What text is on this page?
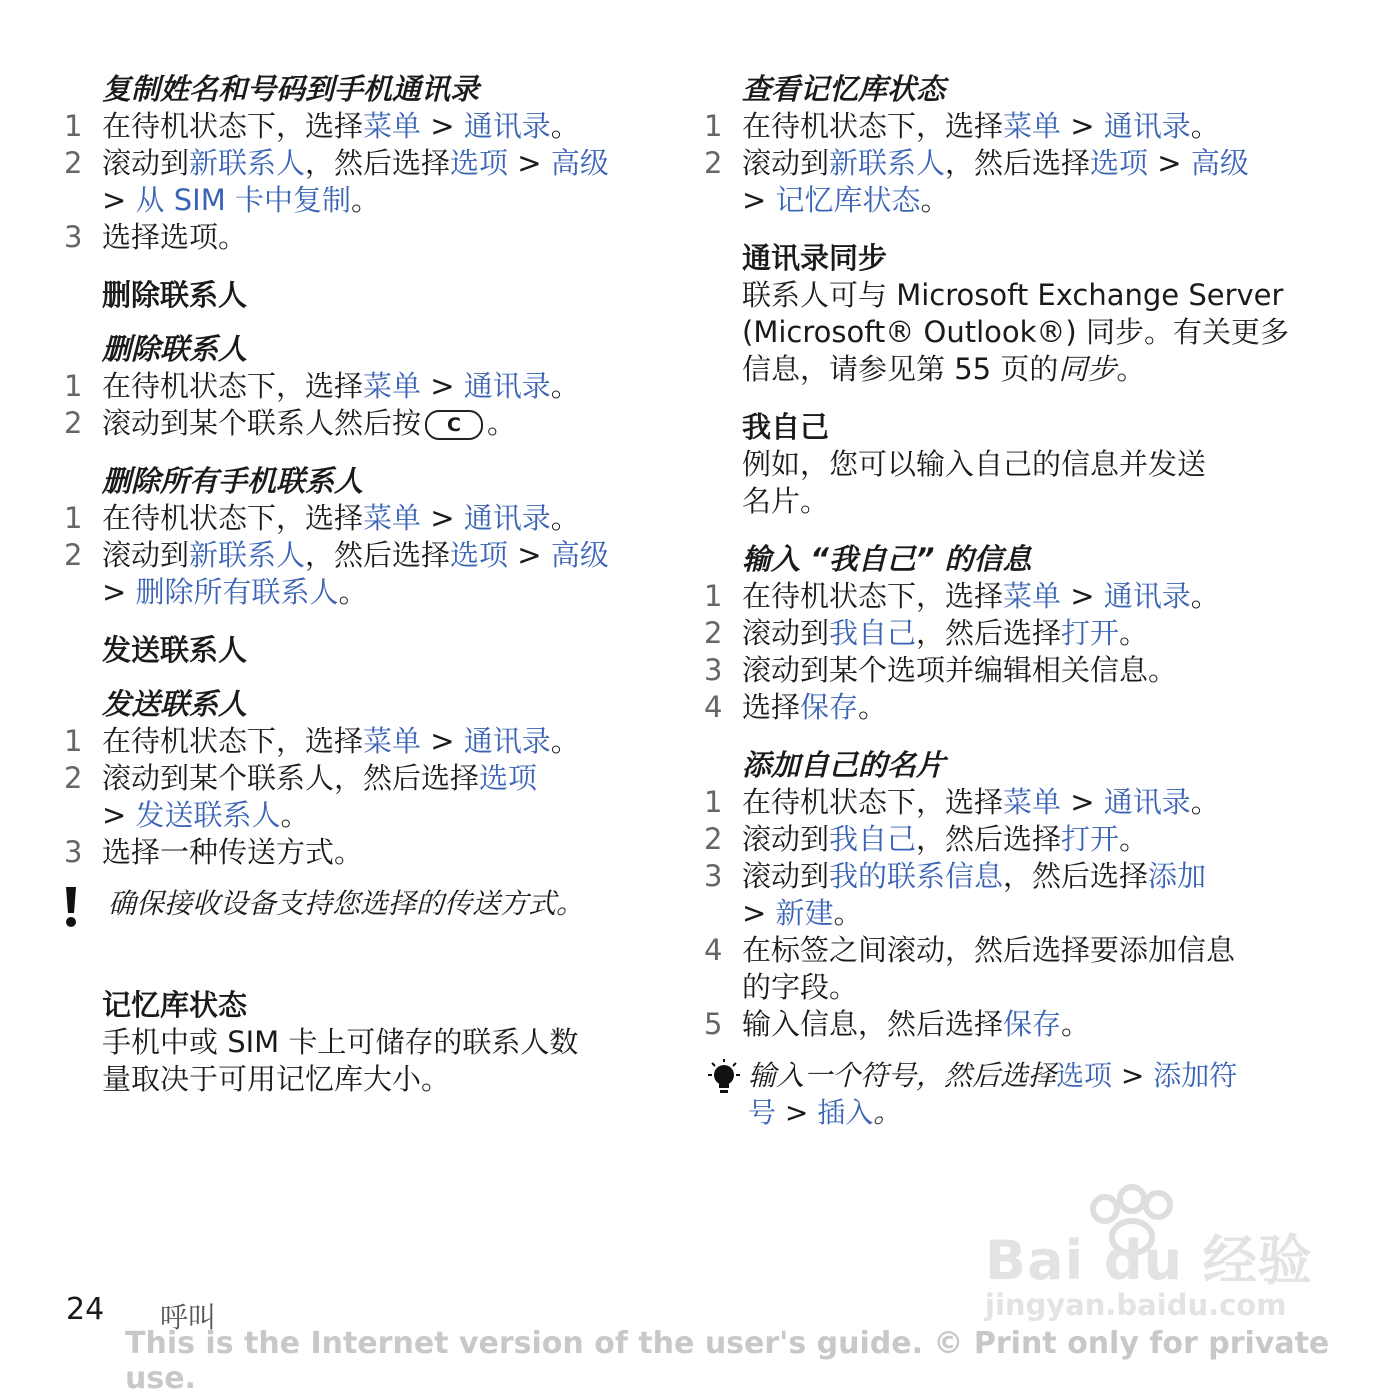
复制姓名和号码到手机通讯录
1 在待机状态下，选择菜单 > 通讯录。
2 滚动到新联系人，然后选择选项 > 高级
> 从 SIM 卡中复制。
3 选择选项。
删除联系人
删除联系人
1 在待机状态下，选择菜单 > 通讯录。
2 滚动到某个联系人然后按 C 。
删除所有手机联系人
1 在待机状态下，选择菜单 > 通讯录。
2 滚动到新联系人，然后选择选项 > 高级
> 删除所有联系人。
发送联系人
发送联系人
1 在待机状态下，选择菜单 > 通讯录。
2 滚动到某个联系人，然后选择选项
> 发送联系人。
3 选择一种传送方式。
确保接收设备支持您选择的传送方式。
记忆库状态
手机中或 SIM 卡上可储存的联系人数
量取决于可用记忆库大小。
查看记忆库状态
1 在待机状态下，选择菜单 > 通讯录。
2 滚动到新联系人，然后选择选项 > 高级
> 记忆库状态。
通讯录同步
联系人可与 Microsoft Exchange Server
(Microsoft® Outlook®) 同步。有关更多
信息，请参见第 55 页的同步。
我自己
例如，您可以输入自己的信息并发送
名片。
输入 “我自己” 的信息
1 在待机状态下，选择菜单 > 通讯录。
2 滚动到我自己，然后选择打开。
3 滚动到某个选项并编辑相关信息。
4 选择保存。
添加自己的名片
1 在待机状态下，选择菜单 > 通讯录。
2 滚动到我自己，然后选择打开。
3 滚动到我的联系信息，然后选择添加
> 新建。
4 在标签之间滚动，然后选择要添加信息
的字段。
5 输入信息，然后选择保存。
输入一个符号，然后选择选项 > 添加符
号 > 插入。
Bai du 经验
jingyan.baidu.com
24 呼叫
This is the Internet version of the user's guide. © Print only for private use.
